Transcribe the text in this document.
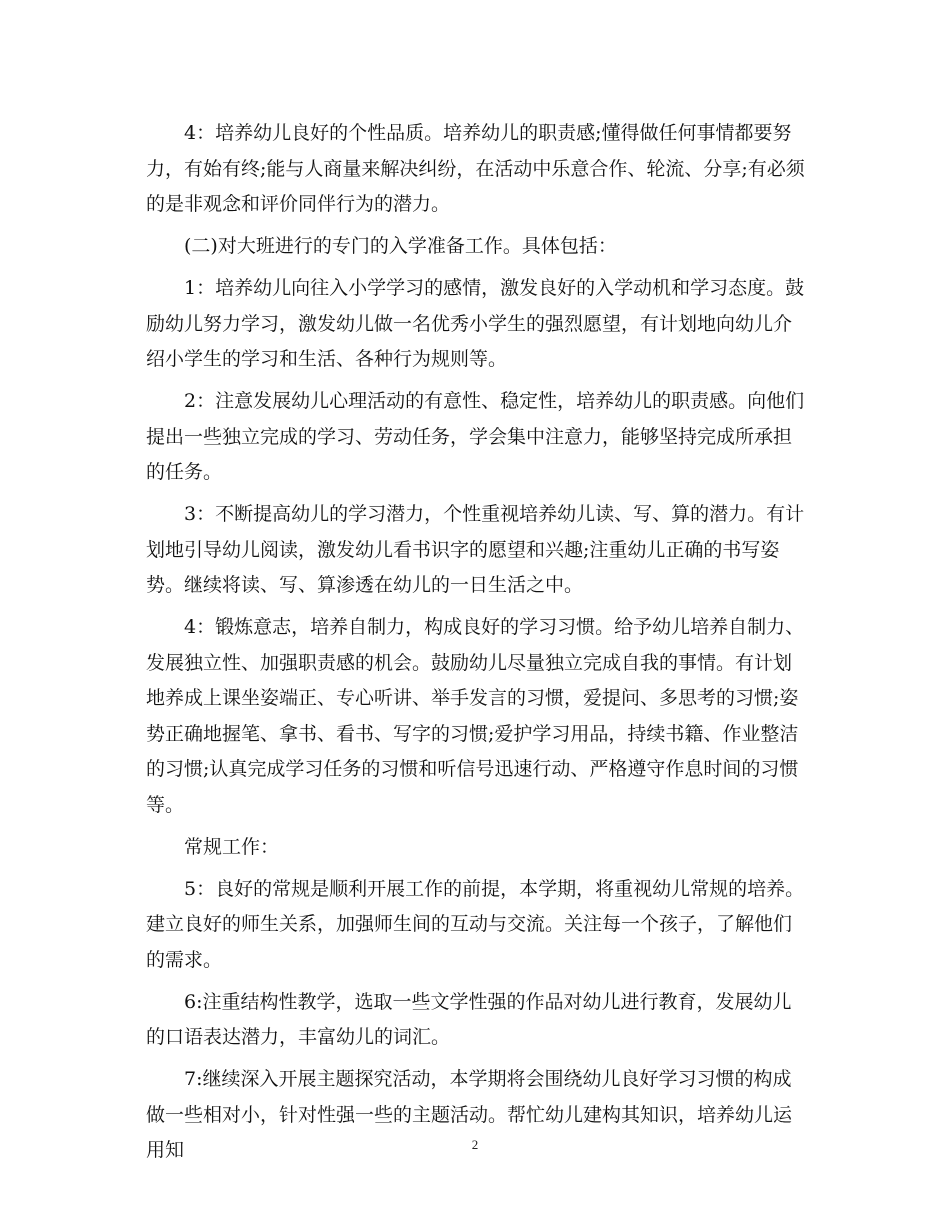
4：培养幼儿良好的个性品质。培养幼儿的职责感;懂得做任何事情都要努力，有始有终;能与人商量来解决纠纷，在活动中乐意合作、轮流、分享;有必须的是非观念和评价同伴行为的潜力。

(二)对大班进行的专门的入学准备工作。具体包括：

1：培养幼儿向往入小学学习的感情，激发良好的入学动机和学习态度。鼓励幼儿努力学习，激发幼儿做一名优秀小学生的强烈愿望，有计划地向幼儿介绍小学生的学习和生活、各种行为规则等。

2：注意发展幼儿心理活动的有意性、稳定性，培养幼儿的职责感。向他们提出一些独立完成的学习、劳动任务，学会集中注意力，能够坚持完成所承担的任务。

3：不断提高幼儿的学习潜力，个性重视培养幼儿读、写、算的潜力。有计划地引导幼儿阅读，激发幼儿看书识字的愿望和兴趣;注重幼儿正确的书写姿势。继续将读、写、算渗透在幼儿的一日生活之中。

4：锻炼意志，培养自制力，构成良好的学习习惯。给予幼儿培养自制力、发展独立性、加强职责感的机会。鼓励幼儿尽量独立完成自我的事情。有计划地养成上课坐姿端正、专心听讲、举手发言的习惯，爱提问、多思考的习惯;姿势正确地握笔、拿书、看书、写字的习惯;爱护学习用品，持续书籍、作业整洁的习惯;认真完成学习任务的习惯和听信号迅速行动、严格遵守作息时间的习惯等。

常规工作：

5：良好的常规是顺利开展工作的前提，本学期，将重视幼儿常规的培养。建立良好的师生关系，加强师生间的互动与交流。关注每一个孩子，了解他们的需求。

6:注重结构性教学，选取一些文学性强的作品对幼儿进行教育，发展幼儿的口语表达潜力，丰富幼儿的词汇。

7:继续深入开展主题探究活动，本学期将会围绕幼儿良好学习习惯的构成做一些相对小，针对性强一些的主题活动。帮忙幼儿建构其知识，培养幼儿运用知	2
